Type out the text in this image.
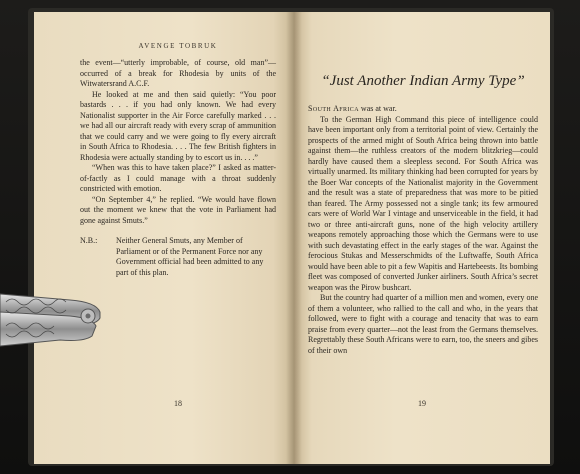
AVENGE TOBRUK

the event—“utterly improbable, of course, old man”—occurred of a break for Rhodesia by units of the Witwatersrand A.C.F.

He looked at me and then said quietly: “You poor bastards . . . if you had only known. We had every Nationalist supporter in the Air Force carefully marked . . . we had all our aircraft ready with every scrap of ammunition that we could carry and we were going to fly every aircraft in South Africa to Rhodesia. . . . The few British fighters in Rhodesia were actually standing by to escort us in. . . .”

“When was this to have taken place?” I asked as matter-of-factly as I could manage with a throat suddenly constricted with emotion.

“On September 4,” he replied. “We would have flown out the moment we knew that the vote in Parliament had gone against Smuts.”

N.B.:	Neither General Smuts, any Member of Parliament or of the Permanent Force nor any Government official had been admitted to any part of this plan.
18
“Just Another Indian Army Type”

South Africa was at war.

To the German High Command this piece of intelligence could have been important only from a territorial point of view. Certainly the prospects of the armed might of South Africa being thrown into battle against them—the ruthless creators of the modern blitzkrieg—could hardly have caused them a sleepless second. For South Africa was virtually unarmed. Its military thinking had been corrupted for years by the Boer War concepts of the Nationalist majority in the Government and the result was a state of preparedness that was more to be pitied than feared. The Army possessed not a single tank; its few armoured cars were of World War I vintage and unserviceable in the field, it had two or three anti-aircraft guns, none of the high velocity artillery weapons remotely approaching those which the Germans were to use with such devastating effect in the early stages of the war. Against the ferocious Stukas and Messerschmidts of the Luftwaffe, South Africa would have been able to pit a few Wapitis and Hartebeests. Its bombing fleet was composed of converted Junker airliners. South Africa’s secret weapon was the Pirow bushcart.

But the country had quarter of a million men and women, every one of them a volunteer, who rallied to the call and who, in the years that followed, were to fight with a courage and tenacity that was to earn praise from every quarter—not the least from the Germans themselves. Regrettably these South Africans were to earn, too, the sneers and gibes of their own

19
